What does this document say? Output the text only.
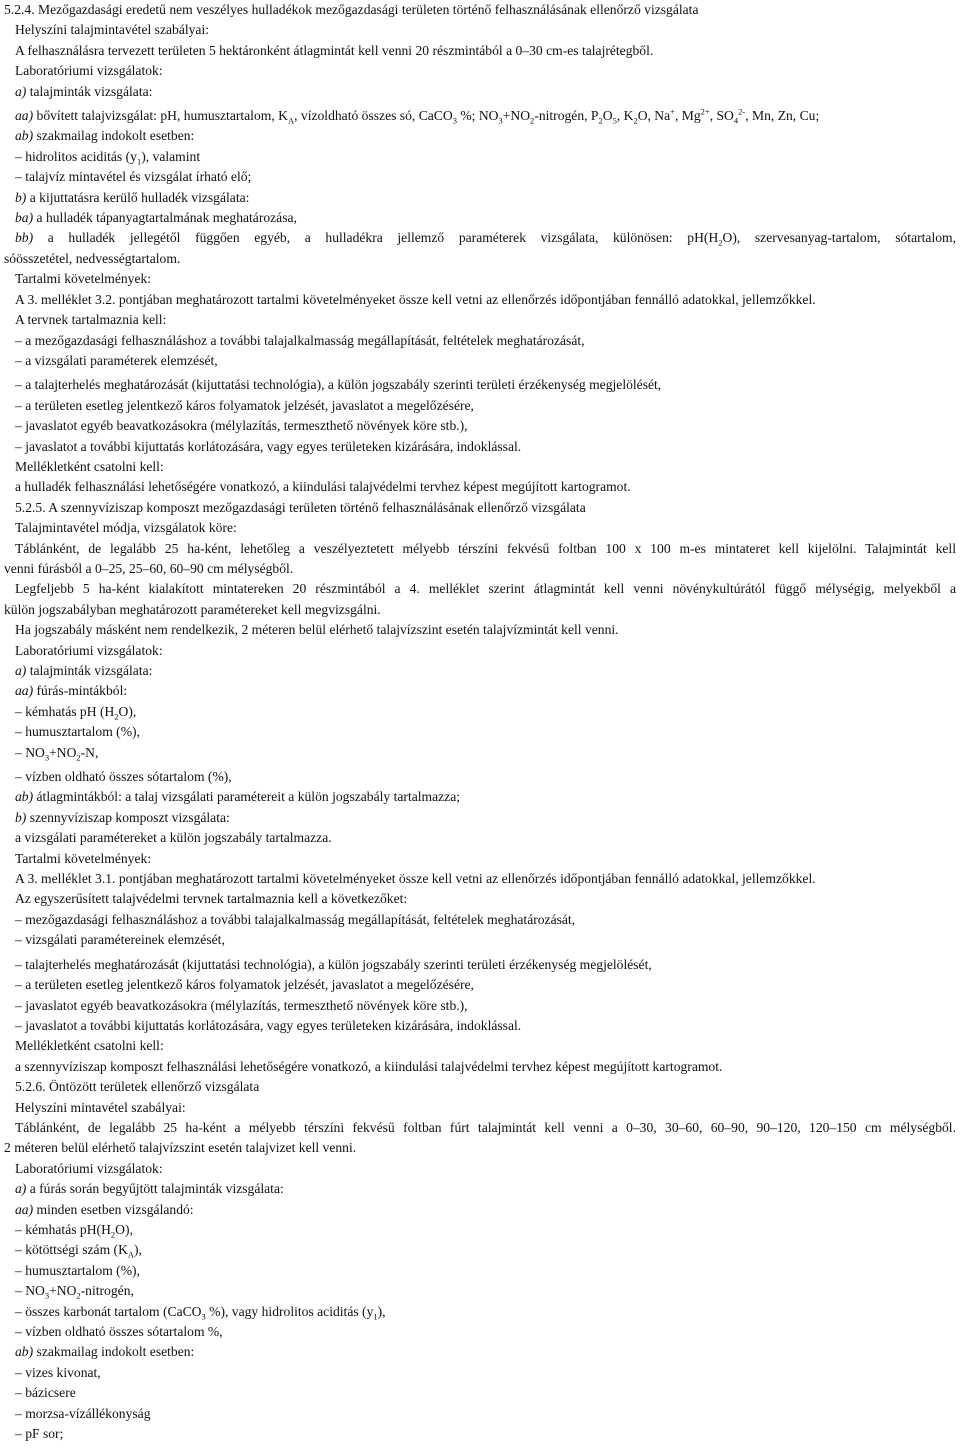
5.2.4. Mezőgazdasági eredetű nem veszélyes hulladékok mezőgazdasági területen történő felhasználásának ellenőrző vizsgálata
Helyszíni talajmintavétel szabályai:
A felhasználásra tervezett területen 5 hektáronként átlagmintát kell venni 20 részmintából a 0–30 cm-es talajrétegből.
Laboratóriumi vizsgálatok:
a) talajminták vizsgálata:
aa) bővített talajvizsgálat: pH, humusztartalom, $K_A$, vízoldható összes só, CaCO$_3$ %; $NO_3+NO_2$-nitrogén, $P_2O_5$, $K_2O$, Na+, $Mg^{2+}$, $SO_4^{2-}$, Mn, Zn, Cu;
ab) szakmailag indokolt esetben:
– hidrolitos aciditás $(y_1)$, valamint
– talajvíz mintavétel és vizsgálat írható elő;
b) a kijuttatásra kerülő hulladék vizsgálata:
ba) a hulladék tápanyagtartalmának meghatározása,
bb) a hulladék jellegétől függően egyéb, a hulladékra jellemző paraméterek vizsgálata, különösen: $pH(H_2O)$, szervesanyag-tartalom, sótartalom,
sóösszetétel, nedvességtartalom.
Tartalmi követelmények:
A 3. melléklet 3.2. pontjában meghatározott tartalmi követelményeket össze kell vetni az ellenőrzés időpontjában fennálló adatokkal, jellemzőkkel.
A tervnek tartalmaznia kell:
– a mezőgazdasági felhasználáshoz a további talajalkalmasság megállapítását, feltételek meghatározását,
– a vizsgálati paraméterek elemzését,
– a talajterhelés meghatározását (kijuttatási technológia), a külön jogszabály szerinti területi érzékenység megjelölését,
– a területen esetleg jelentkező káros folyamatok jelzését, javaslatot a megelőzésére,
– javaslatot egyéb beavatkozásokra (mélylazítás, termeszthető növények köre stb.),
– javaslatot a további kijuttatás korlátozására, vagy egyes területeken kizárására, indoklással.
Mellékletként csatolni kell:
a hulladék felhasználási lehetőségére vonatkozó, a kiindulási talajvédelmi tervhez képest megújított kartogramot.
5.2.5. A szennyvíziszap komposzt mezőgazdasági területen történő felhasználásának ellenőrző vizsgálata
Talajmintavétel módja, vizsgálatok köre:
Táblánként, de legalább 25 ha-ként, lehetőleg a veszélyeztetett mélyebb térszíni fekvésű foltban 100 x 100 m-es mintateret kell kijelölni. Talajmintát kell
venni fúrásból a 0–25, 25–60, 60–90 cm mélységből.
Legfeljebb 5 ha-ként kialakított mintatereken 20 részmintából a 4. melléklet szerint átlagmintát kell venni növénykultúrától függő mélységig, melyekből a
külön jogszabályban meghatározott paramétereket kell megvizsgálni.
Ha jogszabály másként nem rendelkezik, 2 méteren belül elérhető talajvízszint esetén talajvízmintát kell venni.
Laboratóriumi vizsgálatok:
a) talajminták vizsgálata:
aa) fúrás-mintákból:
– kémhatás pH $(H_2O)$,
– humusztartalom (%),
– $NO_3+NO_2-N$,
– vízben oldható összes sótartalom (%),
ab) átlagmintákból: a talaj vizsgálati paramétereit a külön jogszabály tartalmazza;
b) szennyvíziszap komposzt vizsgálata:
a vizsgálati paramétereket a külön jogszabály tartalmazza.
Tartalmi követelmények:
A 3. melléklet 3.1. pontjában meghatározott tartalmi követelményeket össze kell vetni az ellenőrzés időpontjában fennálló adatokkal, jellemzőkkel.
Az egyszerűsített talajvédelmi tervnek tartalmaznia kell a következőket:
– mezőgazdasági felhasználáshoz a további talajalkalmasság megállapítását, feltételek meghatározását,
– vizsgálati paramétereinek elemzését,
– talajterhelés meghatározását (kijuttatási technológia), a külön jogszabály szerinti területi érzékenység megjelölését,
– a területen esetleg jelentkező káros folyamatok jelzését, javaslatot a megelőzésére,
– javaslatot egyéb beavatkozásokra (mélylazítás, termeszthető növények köre stb.),
– javaslatot a további kijuttatás korlátozására, vagy egyes területeken kizárására, indoklással.
Mellékletként csatolni kell:
a szennyvíziszap komposzt felhasználási lehetőségére vonatkozó, a kiindulási talajvédelmi tervhez képest megújított kartogramot.
5.2.6. Öntözött területek ellenőrző vizsgálata
Helyszíni mintavétel szabályai:
Táblánként, de legalább 25 ha-ként a mélyebb térszíni fekvésű foltban fúrt talajmintát kell venni a 0–30, 30–60, 60–90, 90–120, 120–150 cm mélységből.
2 méteren belül elérhető talajvízszint esetén talajvizet kell venni.
Laboratóriumi vizsgálatok:
a) a fúrás során begyűjtött talajminták vizsgálata:
aa) minden esetben vizsgálandó:
– kémhatás $pH(H_2O)$,
– kötöttségi szám $(K_A)$,
– humusztartalom (%),
– $NO_3+NO_2$-nitrogén,
– összes karbonát tartalom (CaCO$_3$ %), vagy hidrolitos aciditás $(y_1)$,
– vízben oldható összes sótartalom %,
ab) szakmailag indokolt esetben:
– vizes kivonat,
– bázicsere
– morzsa-vízállékonyság
– pF sor;
